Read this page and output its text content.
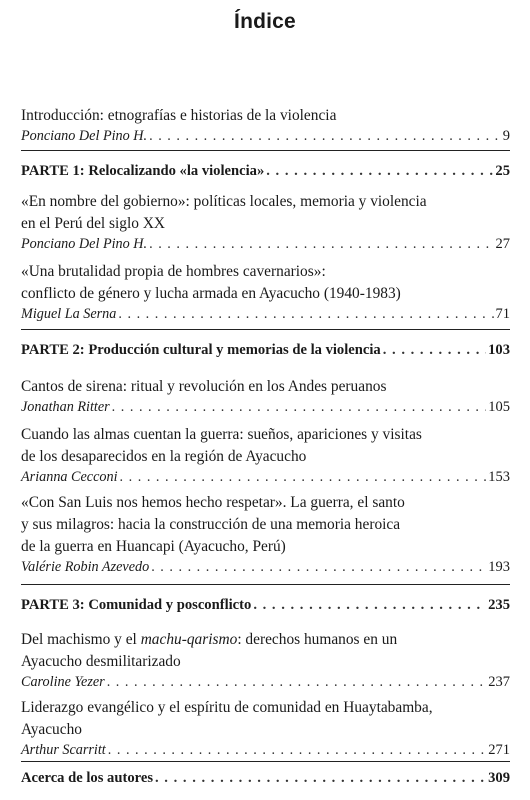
Índice
Introducción: etnografías e historias de la violencia
Ponciano Del Pino H. . . .	9
PARTE 1: Relocalizando «la violencia» . . .	25
«En nombre del gobierno»: políticas locales, memoria y violencia
en el Perú del siglo XX
Ponciano Del Pino H. . . .	27
«Una brutalidad propia de hombres cavernarios»:
conflicto de género y lucha armada en Ayacucho (1940-1983)
Miguel La Serna . . .	71
PARTE 2: Producción cultural y memorias de la violencia . . .	103
Cantos de sirena: ritual y revolución en los Andes peruanos
Jonathan Ritter . . .	105
Cuando las almas cuentan la guerra: sueños, apariciones y visitas
de los desaparecidos en la región de Ayacucho
Arianna Cecconi . . .	153
«Con San Luis nos hemos hecho respetar». La guerra, el santo
y sus milagros: hacia la construcción de una memoria heroica
de la guerra en Huancapi (Ayacucho, Perú)
Valérie Robin Azevedo . . .	193
PARTE 3: Comunidad y posconflicto . . .	235
Del machismo y el machu-qarismo: derechos humanos en un
Ayacucho desmilitarizado
Caroline Yezer . . .	237
Liderazgo evangélico y el espíritu de comunidad en Huaytabamba,
Ayacucho
Arthur Scarritt . . .	271
Acerca de los autores . . .	309
